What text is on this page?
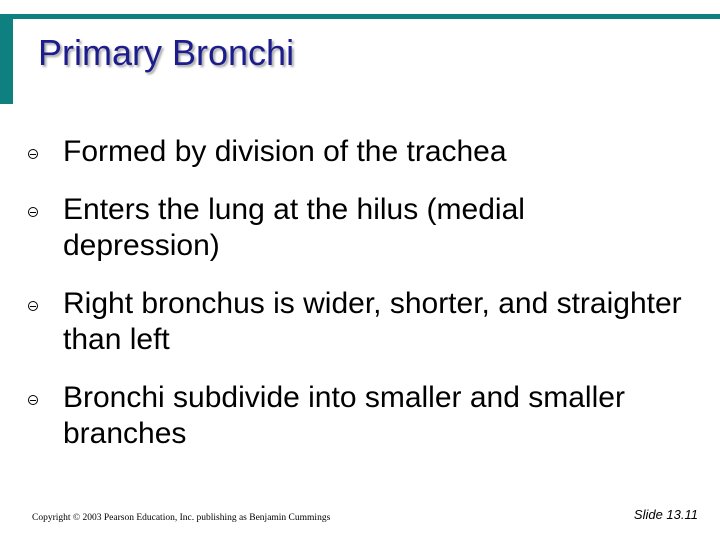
Primary Bronchi
Formed by division of the trachea
Enters the lung at the hilus (medial depression)
Right bronchus is wider, shorter, and straighter than left
Bronchi subdivide into smaller and smaller branches
Copyright © 2003 Pearson Education, Inc. publishing as Benjamin Cummings	Slide 13.11
